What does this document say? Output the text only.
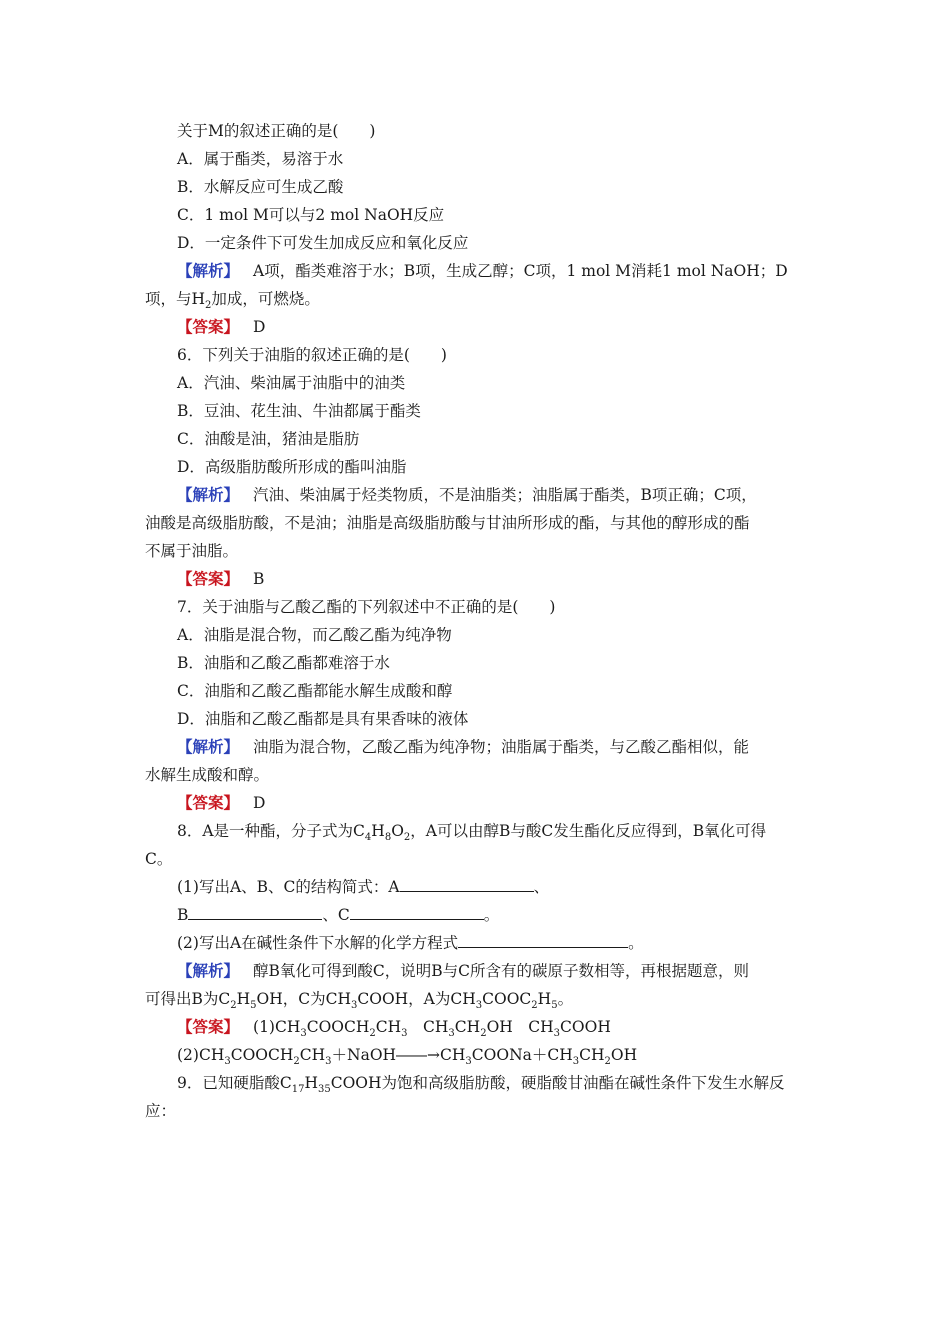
关于M的叙述正确的是(　　)
A．属于酯类，易溶于水
B．水解反应可生成乙酸
C．1 mol M可以与2 mol NaOH反应
D．一定条件下可发生加成反应和氧化反应
【解析】 A项，酯类难溶于水；B项，生成乙醇；C项，1 mol M消耗1 mol NaOH；D
项，与$H_2$加成，可燃烧。
【答案】 D
6．下列关于油脂的叙述正确的是(　　)
A．汽油、柴油属于油脂中的油类
B．豆油、花生油、牛油都属于酯类
C．油酸是油，猪油是脂肪
D．高级脂肪酸所形成的酯叫油脂
【解析】 汽油、柴油属于烃类物质，不是油脂类；油脂属于酯类，B项正确；C项，
油酸是高级脂肪酸，不是油；油脂是高级脂肪酸与甘油所形成的酯，与其他的醇形成的酯
不属于油脂。
【答案】 B
7．关于油脂与乙酸乙酯的下列叙述中不正确的是(　　)
A．油脂是混合物，而乙酸乙酯为纯净物
B．油脂和乙酸乙酯都难溶于水
C．油脂和乙酸乙酯都能水解生成酸和醇
D．油脂和乙酸乙酯都是具有果香味的液体
【解析】 油脂为混合物，乙酸乙酯为纯净物；油脂属于酯类，与乙酸乙酯相似，能
水解生成酸和醇。
【答案】 D
8．A是一种酯，分子式为$C_4H_8O_2$，A可以由醇B与酸C发生酯化反应得到，B氧化可得
C。
(1)写出A、B、C的结构简式：A	、
B	、C	。
(2)写出A在碱性条件下水解的化学方程式	。
【解析】 醇B氧化可得到酸C，说明B与C所含有的碳原子数相等，再根据题意，则
可得出B为$C_2H_5OH$，C为$CH_3COOH$，A为$CH_3COOC_2H_5$。
【答案】 $(1)CH_3COOCH_2CH_3$　$CH_3CH_2OH$　$CH_3COOH$
$(2)CH_3COOCH_2CH_3+NaOH――\to CH_3COONa+CH_3CH_2OH$
9．已知硬脂酸$C_{17}H_{35}COOH$为饱和高级脂肪酸，硬脂酸甘油酯在碱性条件下发生水解反
应：
